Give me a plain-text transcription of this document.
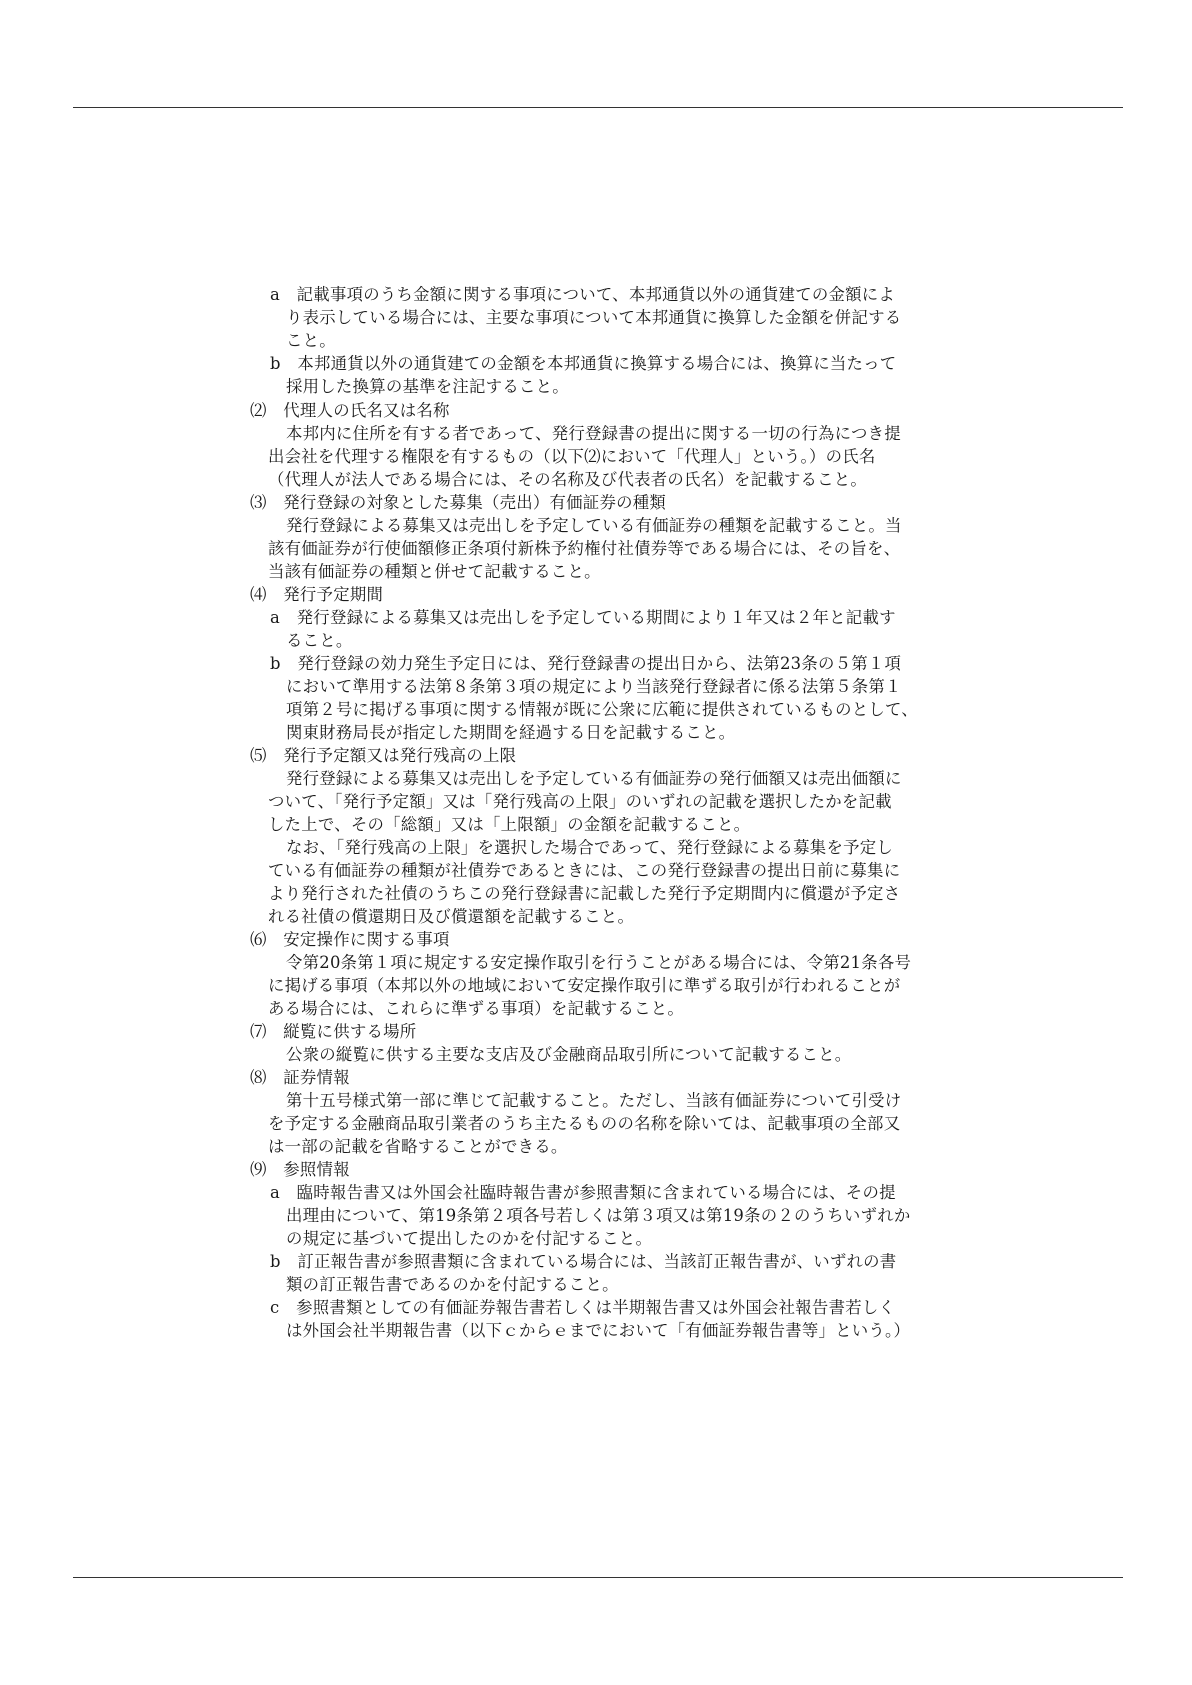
a　記載事項のうち金額に関する事項について、本邦通貨以外の通貨建ての金額によ
り表示している場合には、主要な事項について本邦通貨に換算した金額を併記する
こと。
b　本邦通貨以外の通貨建ての金額を本邦通貨に換算する場合には、換算に当たって
採用した換算の基準を注記すること。
⑵　代理人の氏名又は名称
本邦内に住所を有する者であって、発行登録書の提出に関する一切の行為につき提
出会社を代理する権限を有するもの（以下⑵において「代理人」という。）の氏名
（代理人が法人である場合には、その名称及び代表者の氏名）を記載すること。
⑶　発行登録の対象とした募集（売出）有価証券の種類
発行登録による募集又は売出しを予定している有価証券の種類を記載すること。当
該有価証券が行使価額修正条項付新株予約権付社債券等である場合には、その旨を、
当該有価証券の種類と併せて記載すること。
⑷　発行予定期間
a　発行登録による募集又は売出しを予定している期間により１年又は２年と記載す
ること。
b　発行登録の効力発生予定日には、発行登録書の提出日から、法第23条の５第１項
において準用する法第８条第３項の規定により当該発行登録者に係る法第５条第１
項第２号に掲げる事項に関する情報が既に公衆に広範に提供されているものとして、
関東財務局長が指定した期間を経過する日を記載すること。
⑸　発行予定額又は発行残高の上限
発行登録による募集又は売出しを予定している有価証券の発行価額又は売出価額に
ついて、「発行予定額」又は「発行残高の上限」のいずれの記載を選択したかを記載
した上で、その「総額」又は「上限額」の金額を記載すること。
なお、「発行残高の上限」を選択した場合であって、発行登録による募集を予定し
ている有価証券の種類が社債券であるときには、この発行登録書の提出日前に募集に
より発行された社債のうちこの発行登録書に記載した発行予定期間内に償還が予定さ
れる社債の償還期日及び償還額を記載すること。
⑹　安定操作に関する事項
令第20条第１項に規定する安定操作取引を行うことがある場合には、令第21条各号
に掲げる事項（本邦以外の地域において安定操作取引に準ずる取引が行われることが
ある場合には、これらに準ずる事項）を記載すること。
⑺　縦覧に供する場所
公衆の縦覧に供する主要な支店及び金融商品取引所について記載すること。
⑻　証券情報
第十五号様式第一部に準じて記載すること。ただし、当該有価証券について引受け
を予定する金融商品取引業者のうち主たるものの名称を除いては、記載事項の全部又
は一部の記載を省略することができる。
⑼　参照情報
a　臨時報告書又は外国会社臨時報告書が参照書類に含まれている場合には、その提
出理由について、第19条第２項各号若しくは第３項又は第19条の２のうちいずれか
の規定に基づいて提出したのかを付記すること。
b　訂正報告書が参照書類に含まれている場合には、当該訂正報告書が、いずれの書
類の訂正報告書であるのかを付記すること。
c　参照書類としての有価証券報告書若しくは半期報告書又は外国会社報告書若しく
は外国会社半期報告書（以下ｃからｅまでにおいて「有価証券報告書等」という。）
